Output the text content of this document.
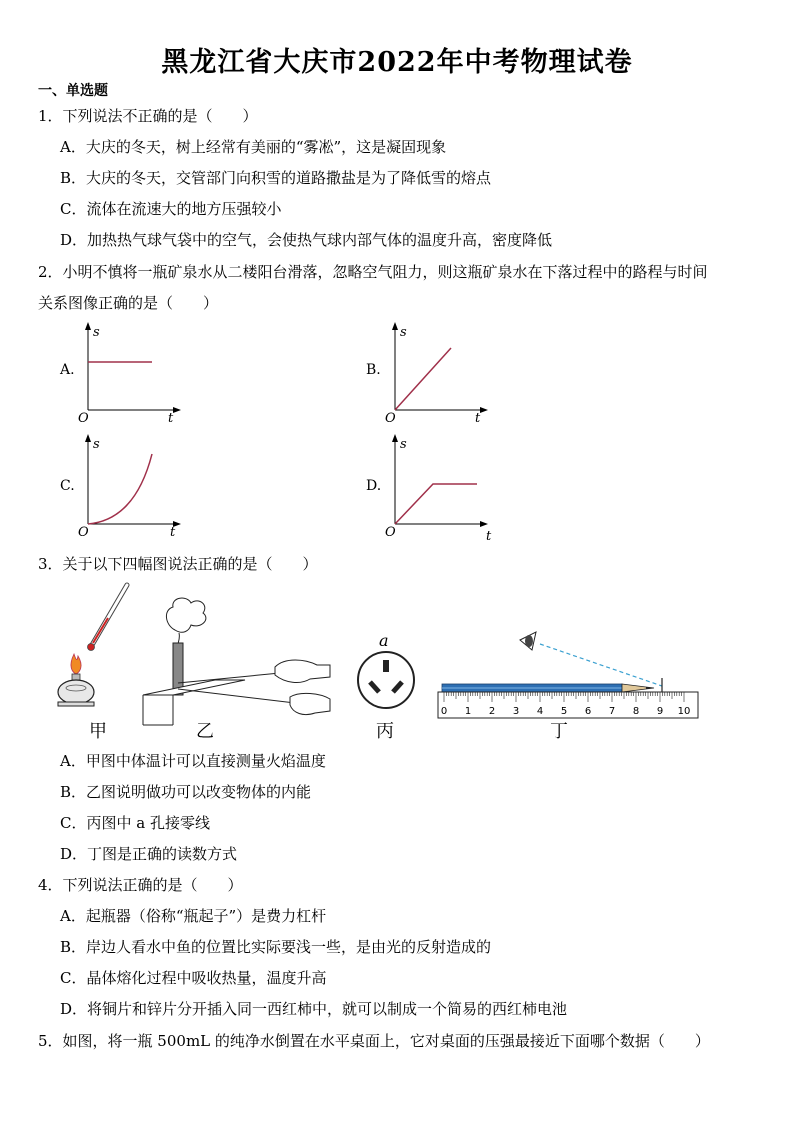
黑龙江省大庆市2022年中考物理试卷
一、单选题
1．下列说法不正确的是（　　）
A．大庆的冬天，树上经常有美丽的“雾凇”，这是凝固现象
B．大庆的冬天，交管部门向积雪的道路撒盐是为了降低雪的熔点
C．流体在流速大的地方压强较小
D．加热热气球气袋中的空气，会使热气球内部气体的温度升高，密度降低
2．小明不慎将一瓶矿泉水从二楼阳台滑落，忽略空气阻力，则这瓶矿泉水在下落过程中的路程与时间
关系图像正确的是（　　）
A.	B.
C.	D.
s
t
O
s
t
O
s
t
O
s
t
O
3．关于以下四幅图说法正确的是（　　）
甲	乙
a
丙
0 1 2 3 4 5 6 7 8 9 10
丁
A．甲图中体温计可以直接测量火焰温度
B．乙图说明做功可以改变物体的内能
C．丙图中 a 孔接零线
D．丁图是正确的读数方式
4．下列说法正确的是（　　）
A．起瓶器（俗称“瓶起子”）是费力杠杆
B．岸边人看水中鱼的位置比实际要浅一些，是由光的反射造成的
C．晶体熔化过程中吸收热量，温度升高
D．将铜片和锌片分开插入同一西红柿中，就可以制成一个简易的西红柿电池
5．如图，将一瓶 500mL 的纯净水倒置在水平桌面上，它对桌面的压强最接近下面哪个数据（　　）
